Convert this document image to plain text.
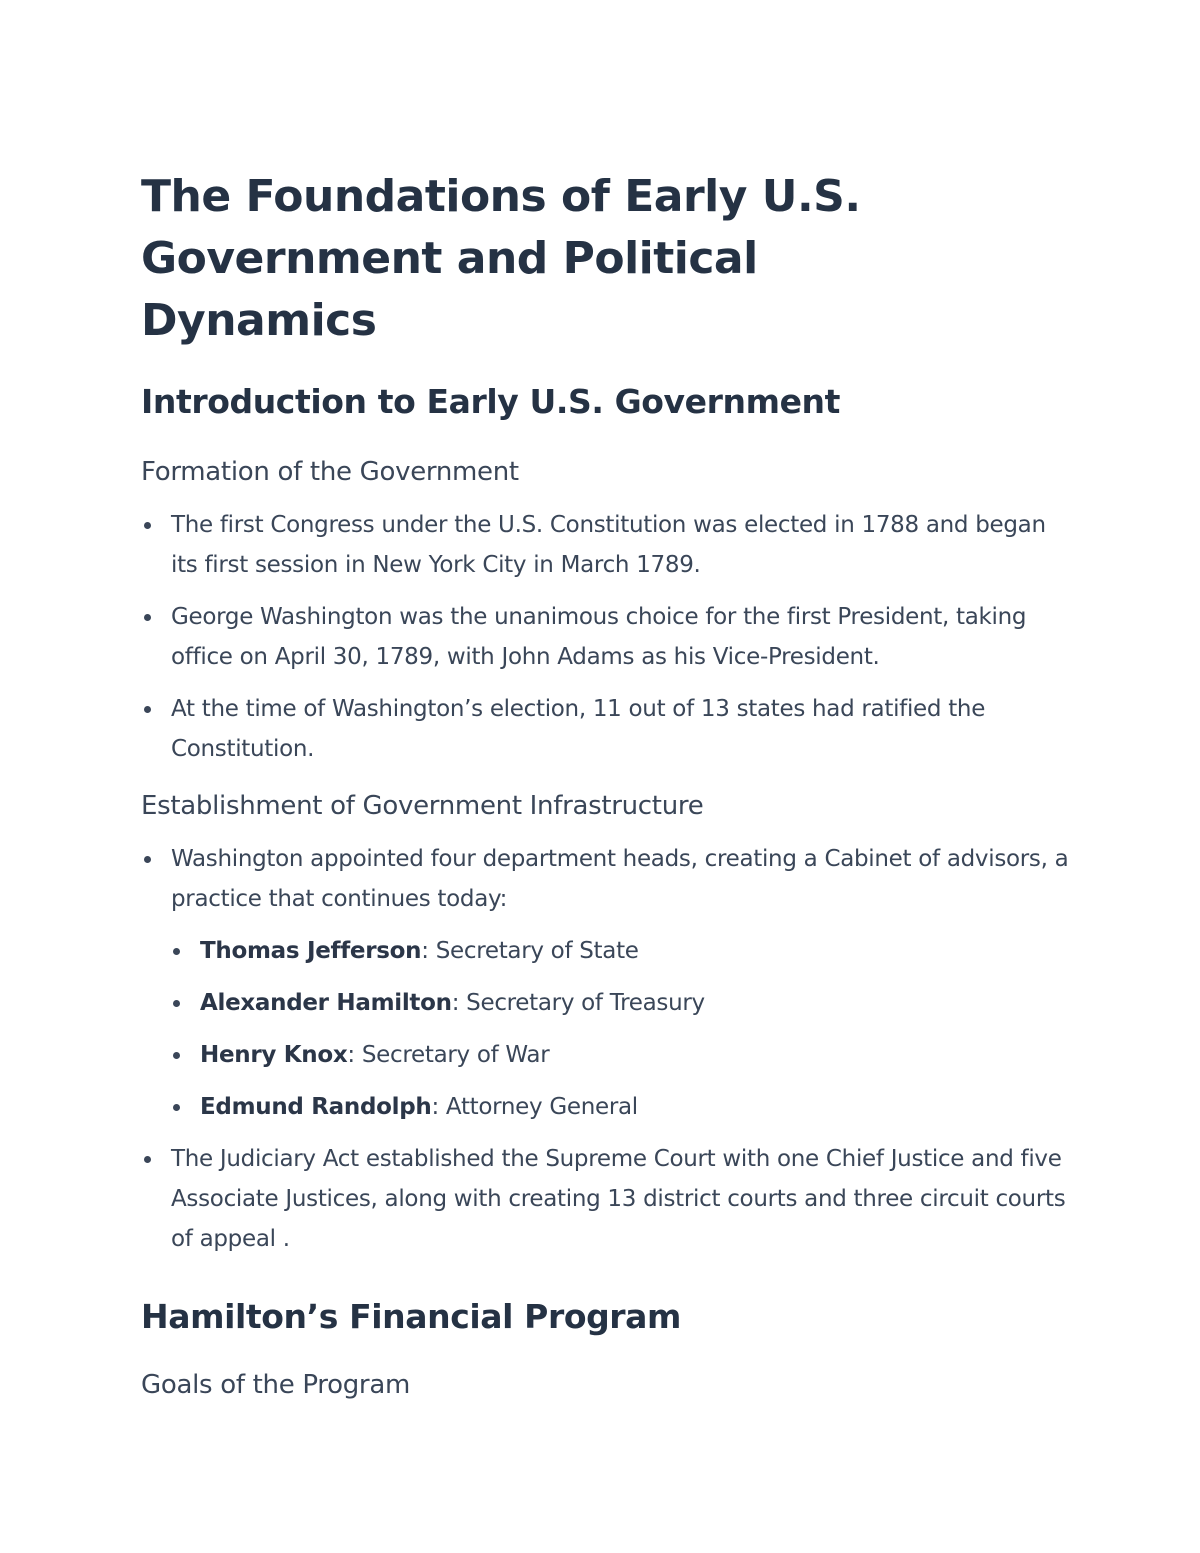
The Foundations of Early U.S. Government and Political Dynamics
Introduction to Early U.S. Government
Formation of the Government
The first Congress under the U.S. Constitution was elected in 1788 and began its first session in New York City in March 1789.
George Washington was the unanimous choice for the first President, taking office on April 30, 1789, with John Adams as his Vice-President.
At the time of Washington’s election, 11 out of 13 states had ratified the Constitution.
Establishment of Government Infrastructure
Washington appointed four department heads, creating a Cabinet of advisors, a practice that continues today:
Thomas Jefferson: Secretary of State
Alexander Hamilton: Secretary of Treasury
Henry Knox: Secretary of War
Edmund Randolph: Attorney General
The Judiciary Act established the Supreme Court with one Chief Justice and five Associate Justices, along with creating 13 district courts and three circuit courts of appeal .
Hamilton’s Financial Program
Goals of the Program
